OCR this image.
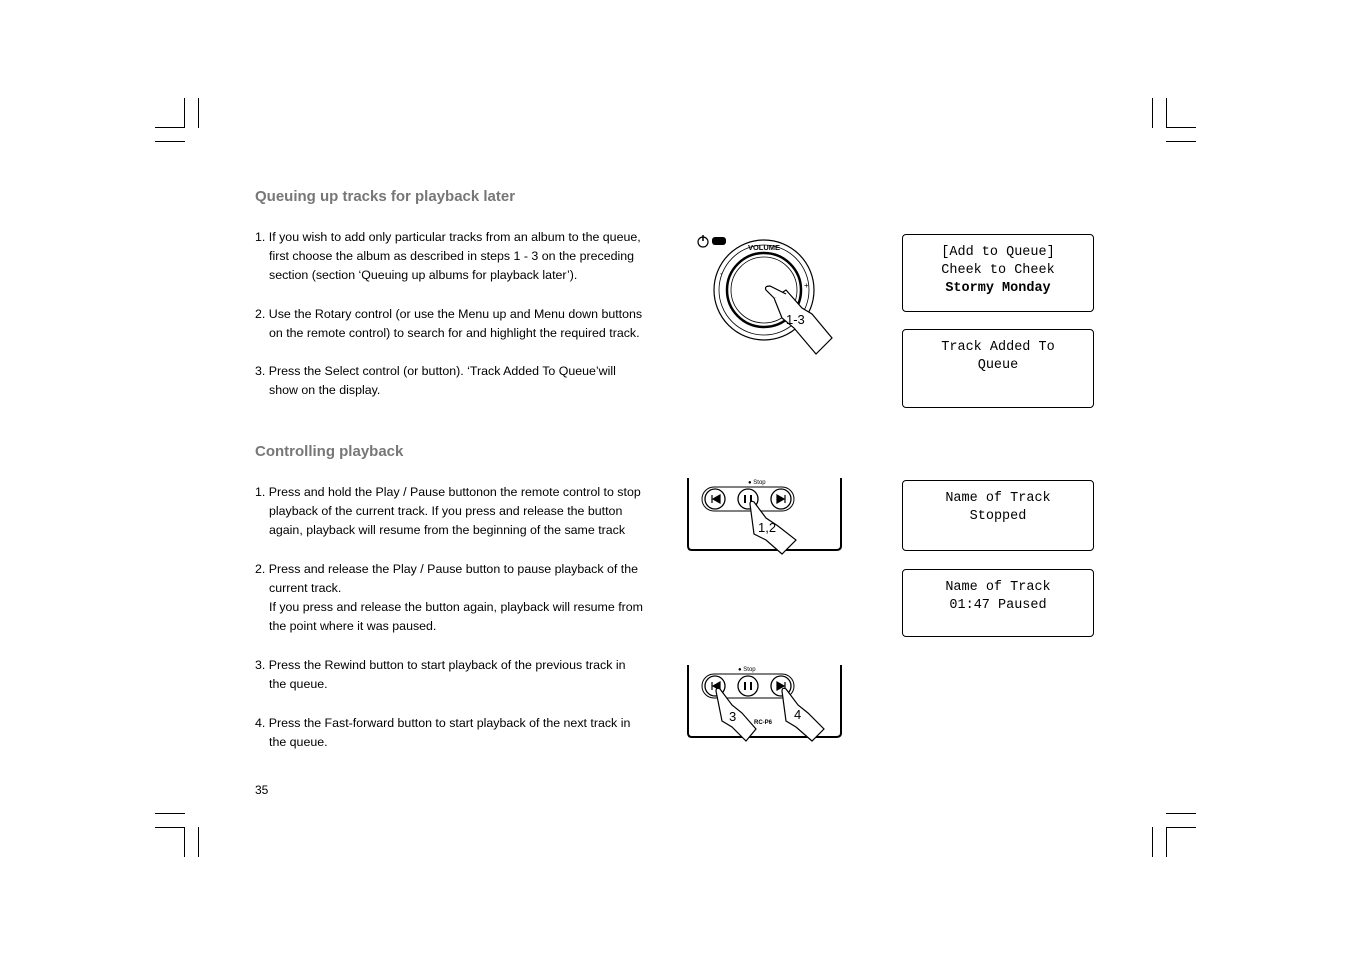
Queuing up tracks for playback later
1. If you wish to add only particular tracks from an album to the queue,
first choose the album as described in steps 1 - 3 on the preceding
section (section ‘Queuing up albums for playback later’).
2. Use the Rotary control (or use the Menu up and Menu down buttons
on the remote control) to search for and highlight the required track.
3. Press the Select control (or button). ‘Track Added To Queue’will
show on the display.
Controlling playback
1. Press and hold the Play / Pause buttonon the remote control to stop
playback of the current track. If you press and release the button
again, playback will resume from the beginning of the same track
2. Press and release the Play / Pause button to pause playback of the
current track.
If you press and release the button again, playback will resume from
the point where it was paused.
3. Press the Rewind button to start playback of the previous track in
the queue.
4. Press the Fast-forward button to start playback of the next track in
the queue.
VOLUME
-
+
1-3
● Stop
1,2
● Stop
3	4
RC-P6
[Add to Queue]
Cheek to Cheek
Stormy Monday
Track Added To
Queue
Name of Track
Stopped
Name of Track
01:47 Paused
35
